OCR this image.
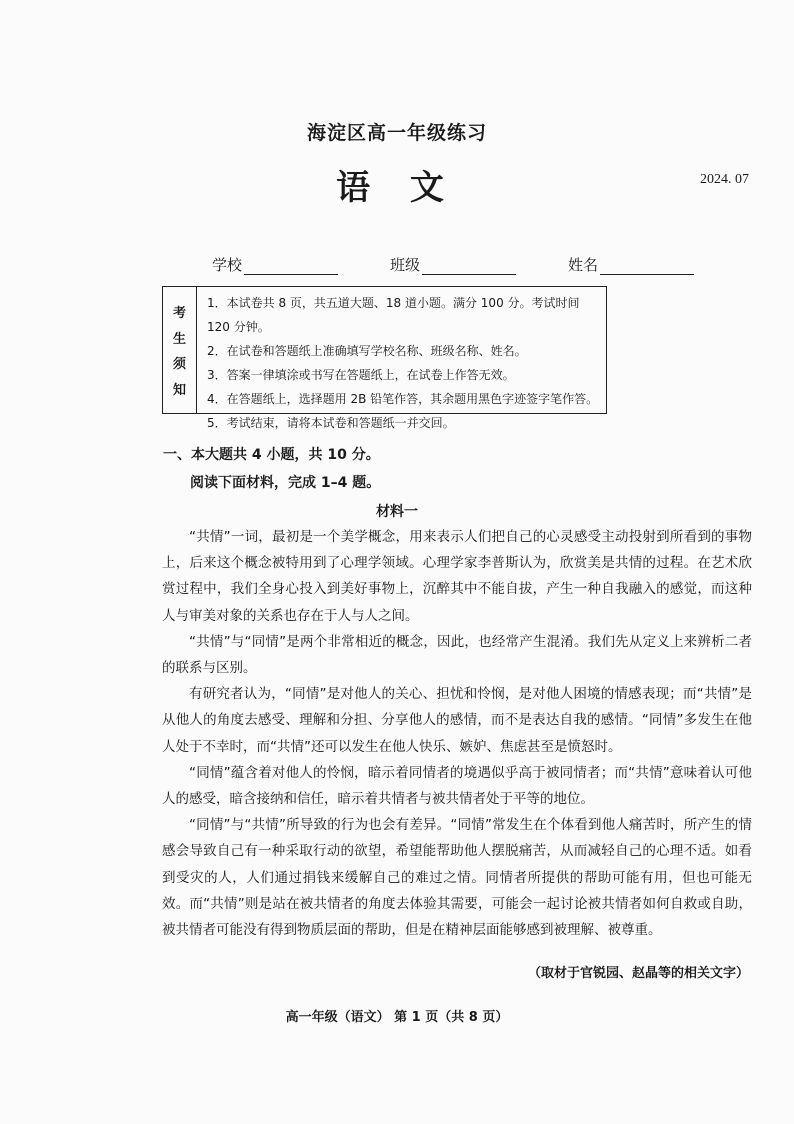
海淀区高一年级练习
语 文	2024. 07
学校	班级	姓名
考
生
须
知
1．本试卷共 8 页，共五道大题、18 道小题。满分 100 分。考试时间 120 分钟。
2．在试卷和答题纸上准确填写学校名称、班级名称、姓名。
3．答案一律填涂或书写在答题纸上，在试卷上作答无效。
4．在答题纸上，选择题用 2B 铅笔作答，其余题用黑色字迹签字笔作答。
5．考试结束，请将本试卷和答题纸一并交回。
一、本大题共 4 小题，共 10 分。
阅读下面材料，完成 1–4 题。
材料一

“共情”一词，最初是一个美学概念，用来表示人们把自己的心灵感受主动投射到所看到的事物上，后来这个概念被特用到了心理学领域。心理学家李普斯认为，欣赏美是共情的过程。在艺术欣赏过程中，我们全身心投入到美好事物上，沉醉其中不能自拔，产生一种自我融入的感觉，而这种人与审美对象的关系也存在于人与人之间。

“共情”与“同情”是两个非常相近的概念，因此，也经常产生混淆。我们先从定义上来辨析二者的联系与区别。

有研究者认为，“同情”是对他人的关心、担忧和怜悯，是对他人困境的情感表现；而“共情”是从他人的角度去感受、理解和分担、分享他人的感情，而不是表达自我的感情。“同情”多发生在他人处于不幸时，而“共情”还可以发生在他人快乐、嫉妒、焦虑甚至是愤怒时。

“同情”蕴含着对他人的怜悯，暗示着同情者的境遇似乎高于被同情者；而“共情”意味着认可他人的感受，暗含接纳和信任，暗示着共情者与被共情者处于平等的地位。

“同情”与“共情”所导致的行为也会有差异。“同情”常发生在个体看到他人痛苦时，所产生的情感会导致自己有一种采取行动的欲望，希望能帮助他人摆脱痛苦，从而减轻自己的心理不适。如看到受灾的人，人们通过捐钱来缓解自己的难过之情。同情者所提供的帮助可能有用，但也可能无效。而“共情”则是站在被共情者的角度去体验其需要，可能会一起讨论被共情者如何自救或自助，被共情者可能没有得到物质层面的帮助，但是在精神层面能够感到被理解、被尊重。

（取材于官锐园、赵晶等的相关文字）
高一年级（语文） 第 1 页（共 8 页）
